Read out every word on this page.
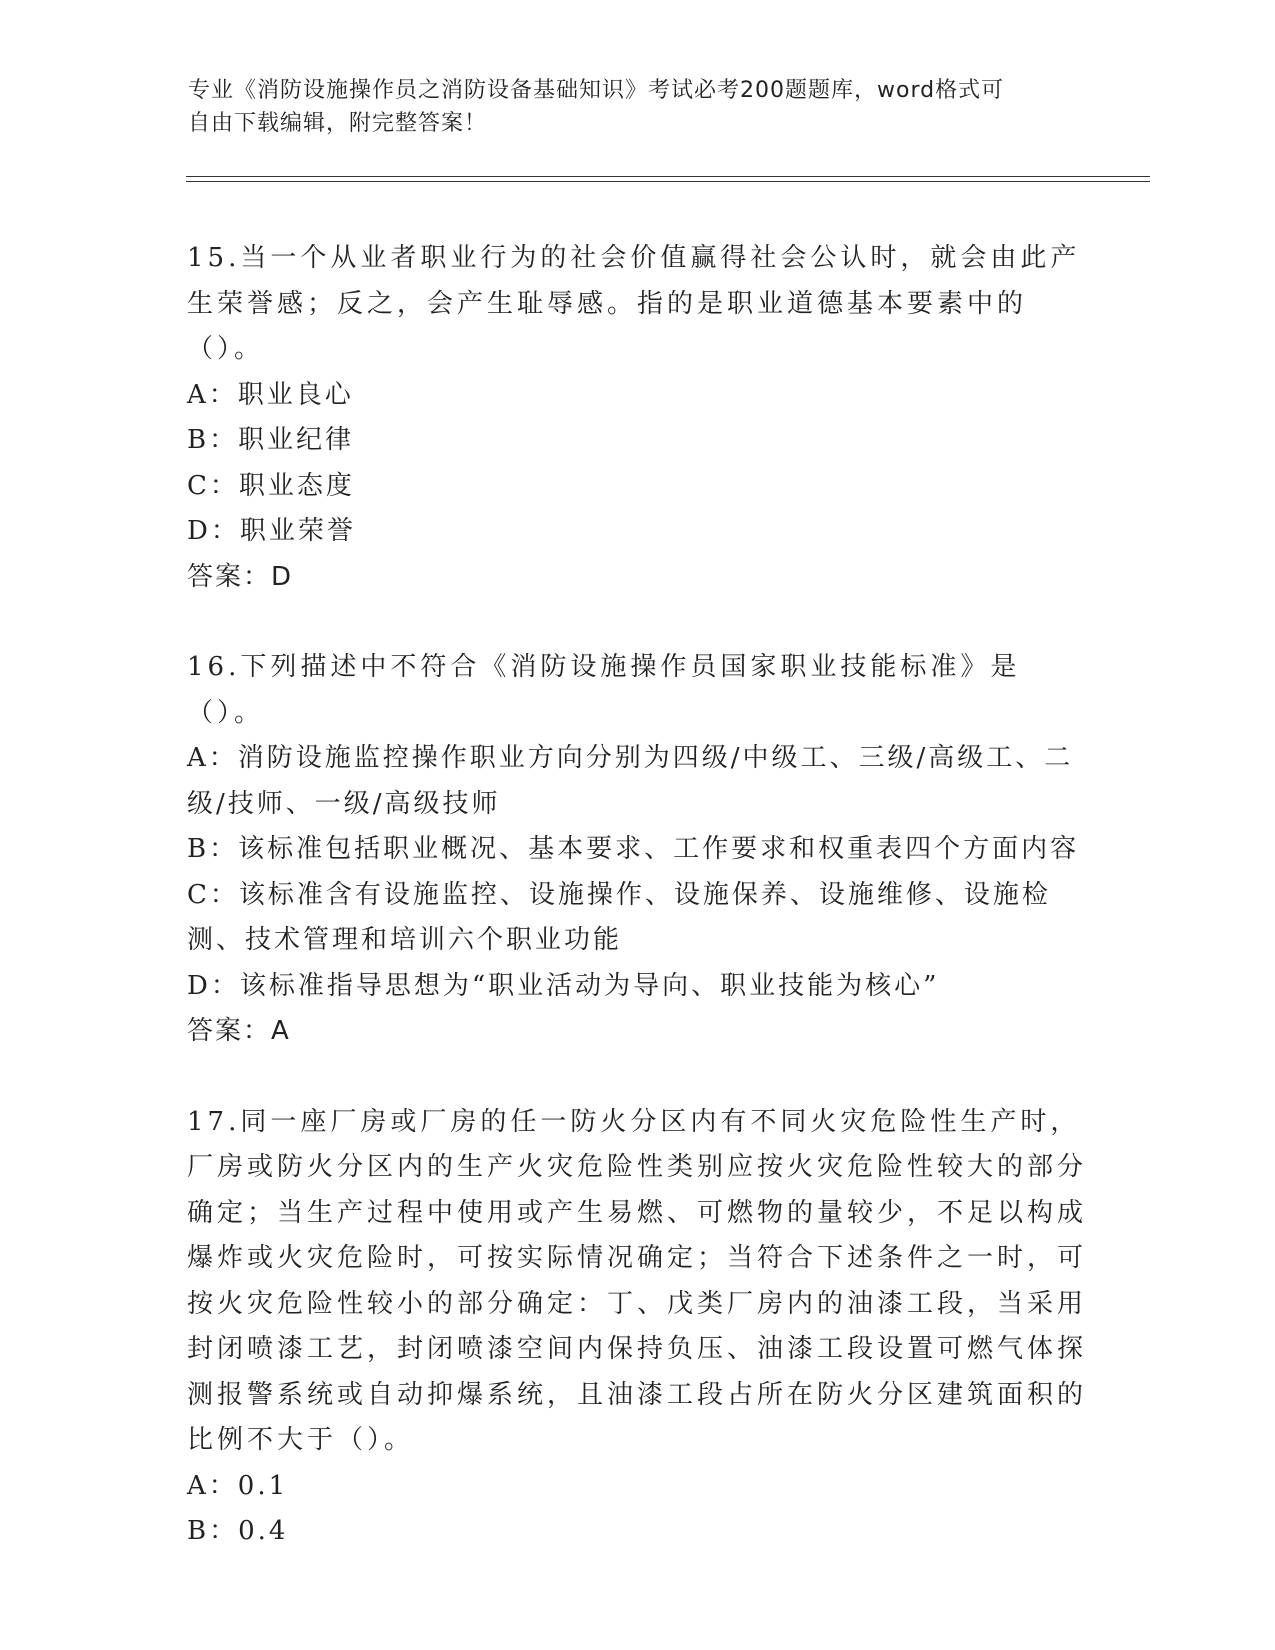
专业《消防设施操作员之消防设备基础知识》考试必考200题题库，word格式可
自由下载编辑，附完整答案！

15.当一个从业者职业行为的社会价值赢得社会公认时，就会由此产生荣誉感；反之，会产生耻辱感。指的是职业道德基本要素中的（）。

A：职业良心

B：职业纪律

C：职业态度

D：职业荣誉

答案：D

16.下列描述中不符合《消防设施操作员国家职业技能标准》是（）。

A：消防设施监控操作职业方向分别为四级/中级工、三级/高级工、二级/技师、一级/高级技师

B：该标准包括职业概况、基本要求、工作要求和权重表四个方面内容

C：该标准含有设施监控、设施操作、设施保养、设施维修、设施检测、技术管理和培训六个职业功能

D：该标准指导思想为“职业活动为导向、职业技能为核心”

答案：A

17.同一座厂房或厂房的任一防火分区内有不同火灾危险性生产时，厂房或防火分区内的生产火灾危险性类别应按火灾危险性较大的部分确定；当生产过程中使用或产生易燃、可燃物的量较少，不足以构成爆炸或火灾危险时，可按实际情况确定；当符合下述条件之一时，可按火灾危险性较小的部分确定：丁、戊类厂房内的油漆工段，当采用封闭喷漆工艺，封闭喷漆空间内保持负压、油漆工段设置可燃气体探测报警系统或自动抑爆系统，且油漆工段占所在防火分区建筑面积的比例不大于（）。

A：0.1

B：0.4
